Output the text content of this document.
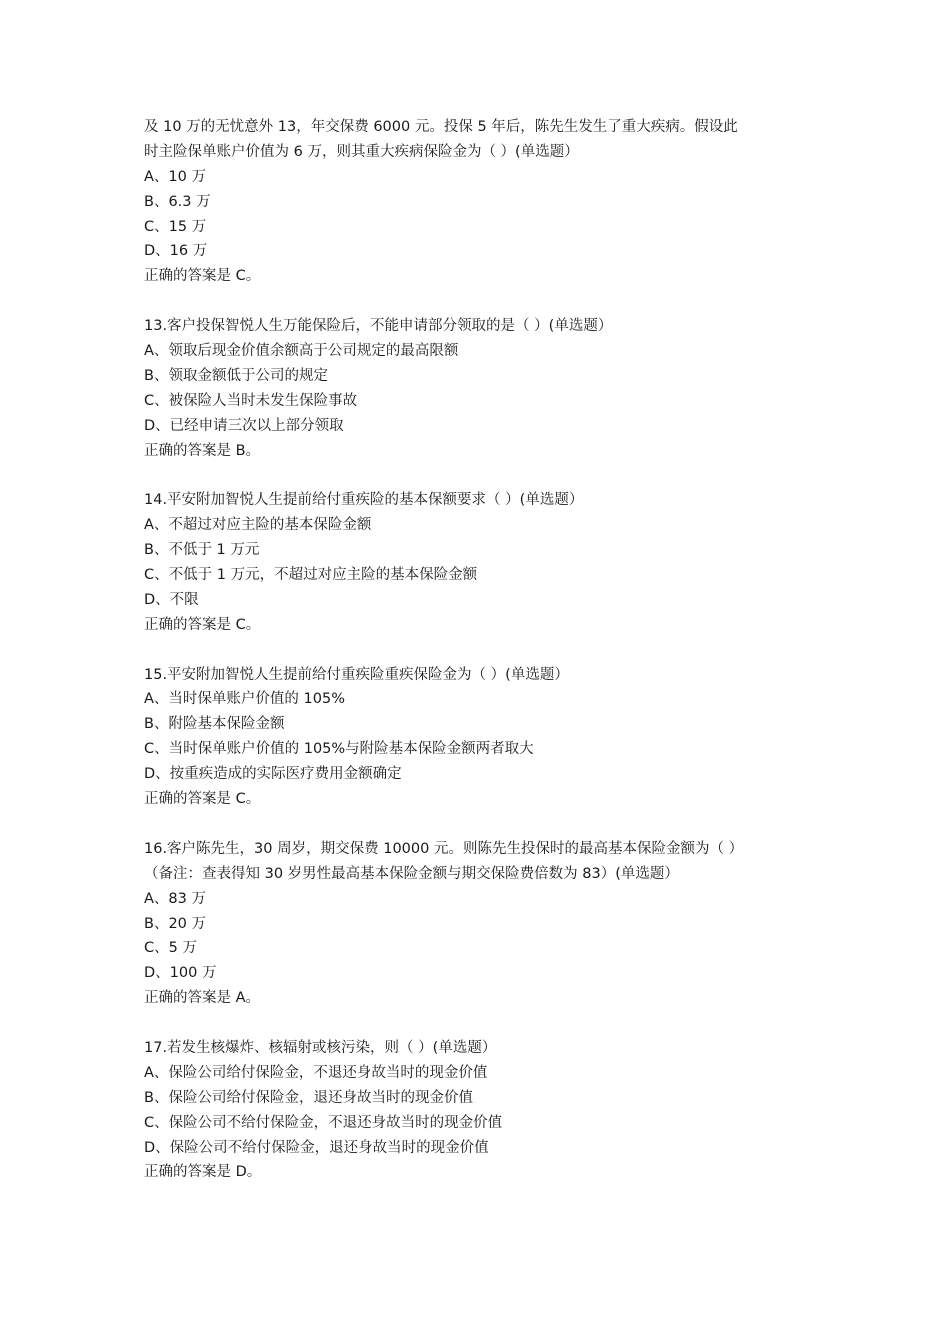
及 10 万的无忧意外 13，年交保费 6000 元。投保 5 年后，陈先生发生了重大疾病。假设此
时主险保单账户价值为 6 万，则其重大疾病保险金为（ ）(单选题）
A、10 万
B、6.3 万
C、15 万
D、16 万
正确的答案是 C。
13.客户投保智悦人生万能保险后，不能申请部分领取的是（ ）(单选题）
A、领取后现金价值余额高于公司规定的最高限额
B、领取金额低于公司的规定
C、被保险人当时未发生保险事故
D、已经申请三次以上部分领取
正确的答案是 B。
14.平安附加智悦人生提前给付重疾险的基本保额要求（ ）(单选题）
A、不超过对应主险的基本保险金额
B、不低于 1 万元
C、不低于 1 万元，不超过对应主险的基本保险金额
D、不限
正确的答案是 C。
15.平安附加智悦人生提前给付重疾险重疾保险金为（ ）(单选题）
A、当时保单账户价值的 105%
B、附险基本保险金额
C、当时保单账户价值的 105%与附险基本保险金额两者取大
D、按重疾造成的实际医疗费用金额确定
正确的答案是 C。
16.客户陈先生，30 周岁，期交保费 10000 元。则陈先生投保时的最高基本保险金额为（ ）
（备注：查表得知 30 岁男性最高基本保险金额与期交保险费倍数为 83）(单选题）
A、83 万
B、20 万
C、5 万
D、100 万
正确的答案是 A。
17.若发生核爆炸、核辐射或核污染，则（ ）(单选题）
A、保险公司给付保险金，不退还身故当时的现金价值
B、保险公司给付保险金，退还身故当时的现金价值
C、保险公司不给付保险金，不退还身故当时的现金价值
D、保险公司不给付保险金，退还身故当时的现金价值
正确的答案是 D。
